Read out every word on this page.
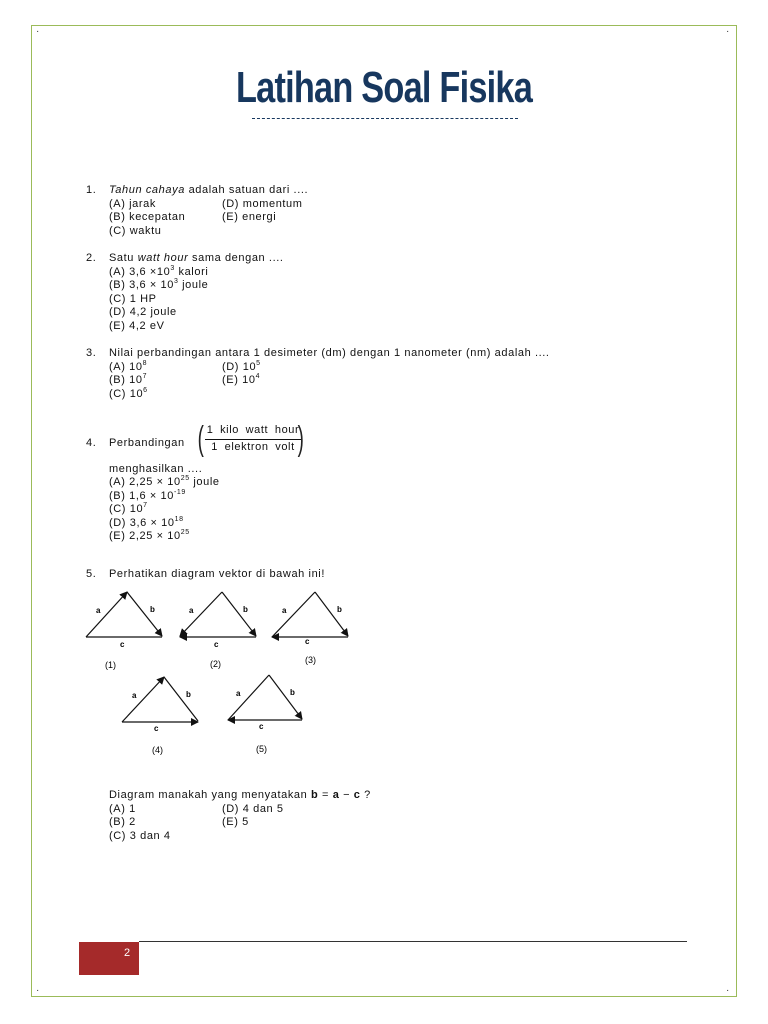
·	·
·	·
Latihan Soal Fisika
1. Tahun cahaya adalah satuan dari ....
(A) jarak	(D) momentum
(B) kecepatan	(E) energi
(C) waktu
2. Satu watt hour sama dengan ....
(A) $3,6 \times 10^3$ kalori
(B) $3,6 \times 10^3$ joule
(C) 1 HP
(D) 4,2 joule
(E) 4,2 eV
3. Nilai perbandingan antara 1 desimeter (dm) dengan 1 nanometer (nm) adalah ....
(A) $10^8$	(D) $10^5$
(B) $10^7$	(E) $10^4$
(C) $10^6$
4. Perbandingan ( 1 kilo watt hour
1 elektron volt )
menghasilkan ....
(A) $2,25 \times 10^{25}$ joule
(B) $1,6 \times 10^{-19}$
(C) $10^7$
(D) $3,6 \times 10^{18}$
(E) $2,25 \times 10^{25}$
5. Perhatikan diagram vektor di bawah ini!
a	b
c
(1)
a	b
c
(2)
a	b
c
(3)
a	b
c
(4)
a	b
c
(5)
Diagram manakah yang menyatakan b = a − c ?
(A) 1	(D) 4 dan 5
(B) 2	(E) 5
(C) 3 dan 4
2
